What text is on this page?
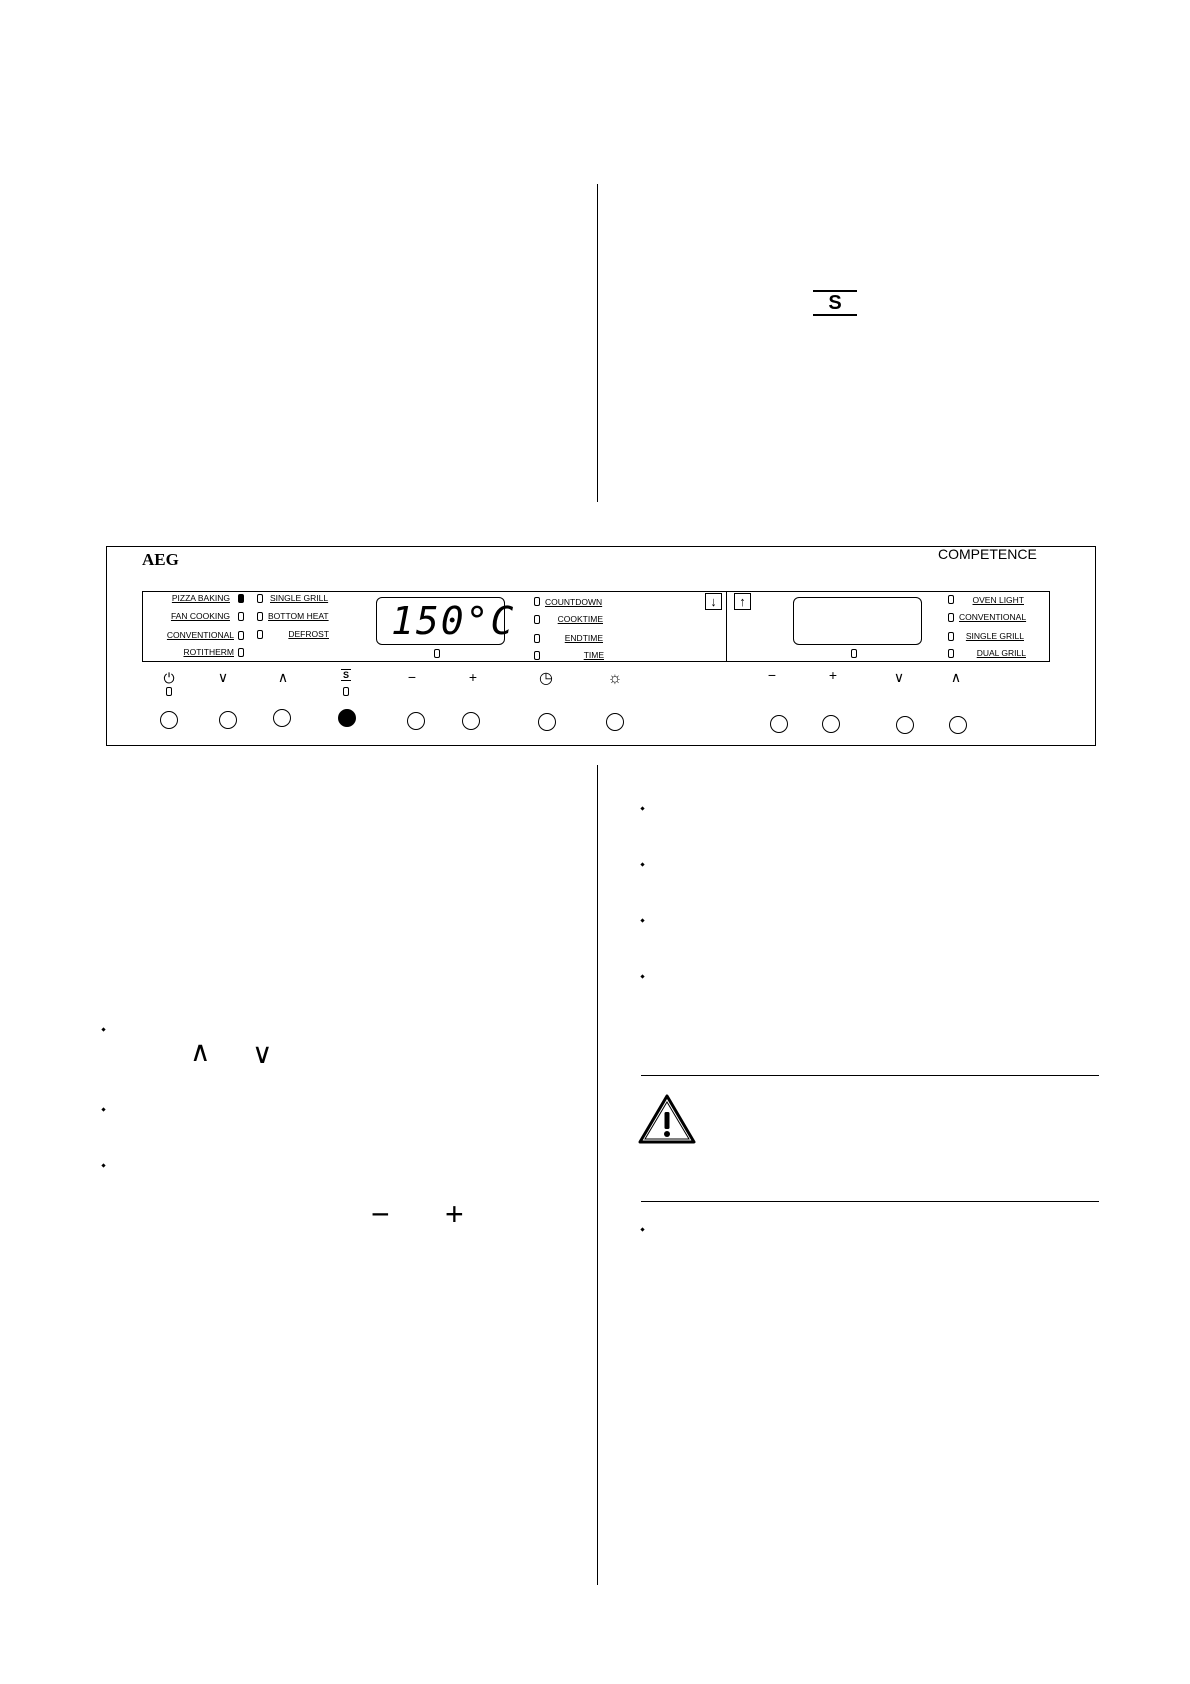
S
AEG	COMPETENCE
PIZZA BAKING
FAN COOKING
CONVENTIONAL
ROTITHERM
SINGLE GRILL
BOTTOM HEAT
DEFROST 150°C	COUNTDOWN
COOKTIME
ENDTIME
TIME
↓	↑	OVEN LIGHT
CONVENTIONAL
SINGLE GRILL
DUAL GRILL
⏻	∨	∧	S	−	+	◷	☼	−	+	∨	∧
∧ ∨
− +
